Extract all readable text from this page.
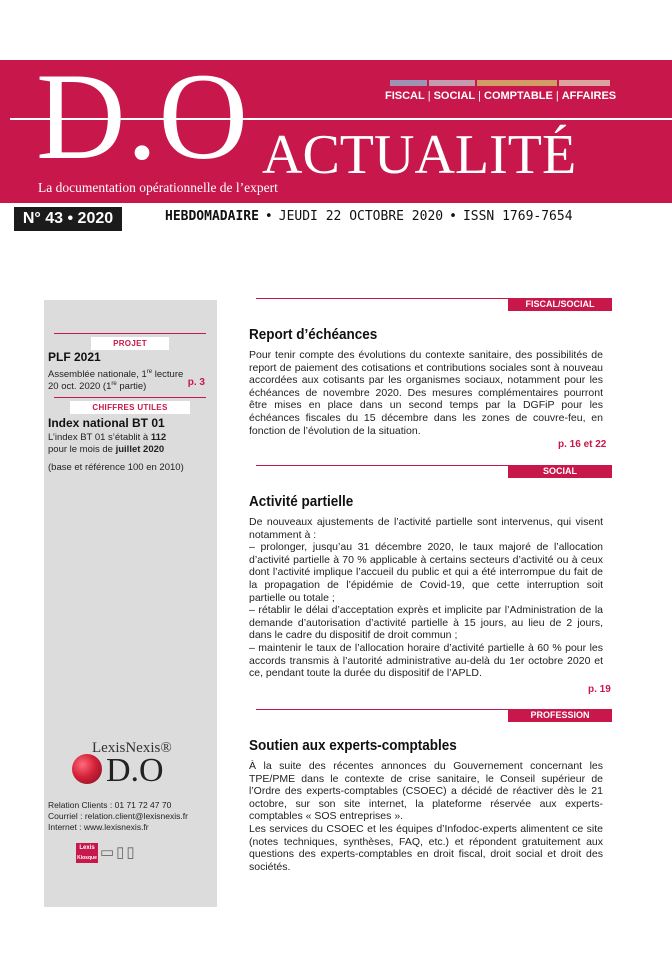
FISCAL | SOCIAL | COMPTABLE | AFFAIRES
D.O ACTUALITÉ
La documentation opérationnelle de l’expert
N° 43 • 2020	HEBDOMADAIRE • JEUDI 22 OCTOBRE 2020 • ISSN 1769-7654
PROJET
PLF 2021
Assemblée nationale, 1re lecture
20 oct. 2020 (1re partie)	p. 3
CHIFFRES UTILES
Index national BT 01
L’index BT 01 s’établit à 112
pour le mois de juillet 2020
(base et référence 100 en 2010)
LexisNexis®
D.O
Relation Clients : 01 71 72 47 70
Courriel : relation.client@lexisnexis.fr
Internet : www.lexisnexis.fr
Lexis
Kiosque ▭▯▯
FISCAL/SOCIAL
Report d’échéances

Pour tenir compte des évolutions du contexte sanitaire, des possibilités de report de paiement des cotisations et contributions sociales sont à nouveau accordées aux cotisants par les organismes sociaux, notamment pour les échéances de novembre 2020. Des mesures complémentaires pourront être mises en place dans un second temps par la DGFiP pour les échéances fiscales du 15 décembre dans les zones de couvre-feu, en fonction de l’évolution de la situation.

p. 16 et 22
SOCIAL
Activité partielle

De nouveaux ajustements de l’activité partielle sont intervenus, qui visent notamment à :

– prolonger, jusqu’au 31 décembre 2020, le taux majoré de l’allocation d’activité partielle à 70 % applicable à certains secteurs d’activité ou à ceux dont l’activité implique l’accueil du public et qui a été interrompue du fait de la propagation de l’épidémie de Covid-19, que cette interruption soit partielle ou totale ;

– rétablir le délai d’acceptation exprès et implicite par l’Administration de la demande d’autorisation d’activité partielle à 15 jours, au lieu de 2 jours, dans le cadre du dispositif de droit commun ;

– maintenir le taux de l’allocation horaire d’activité partielle à 60 % pour les accords transmis à l’autorité administrative au-delà du 1er octobre 2020 et ce, pendant toute la durée du dispositif de l’APLD.

p. 19
PROFESSION
Soutien aux experts-comptables

À la suite des récentes annonces du Gouvernement concernant les TPE/PME dans le contexte de crise sanitaire, le Conseil supérieur de l’Ordre des experts-comptables (CSOEC) a décidé de réactiver dès le 21 octobre, sur son site internet, la plateforme réservée aux experts-comptables « SOS entreprises ».

Les services du CSOEC et les équipes d’Infodoc-experts alimentent ce site (notes techniques, synthèses, FAQ, etc.) et répondent gratuitement aux questions des experts-comptables en droit fiscal, droit social et droit des sociétés.
